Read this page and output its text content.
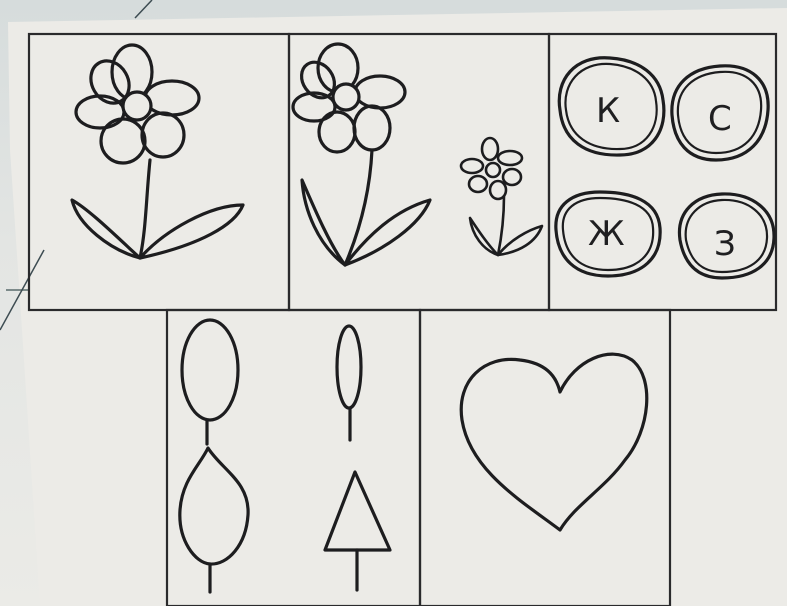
К	С
Ж	З
